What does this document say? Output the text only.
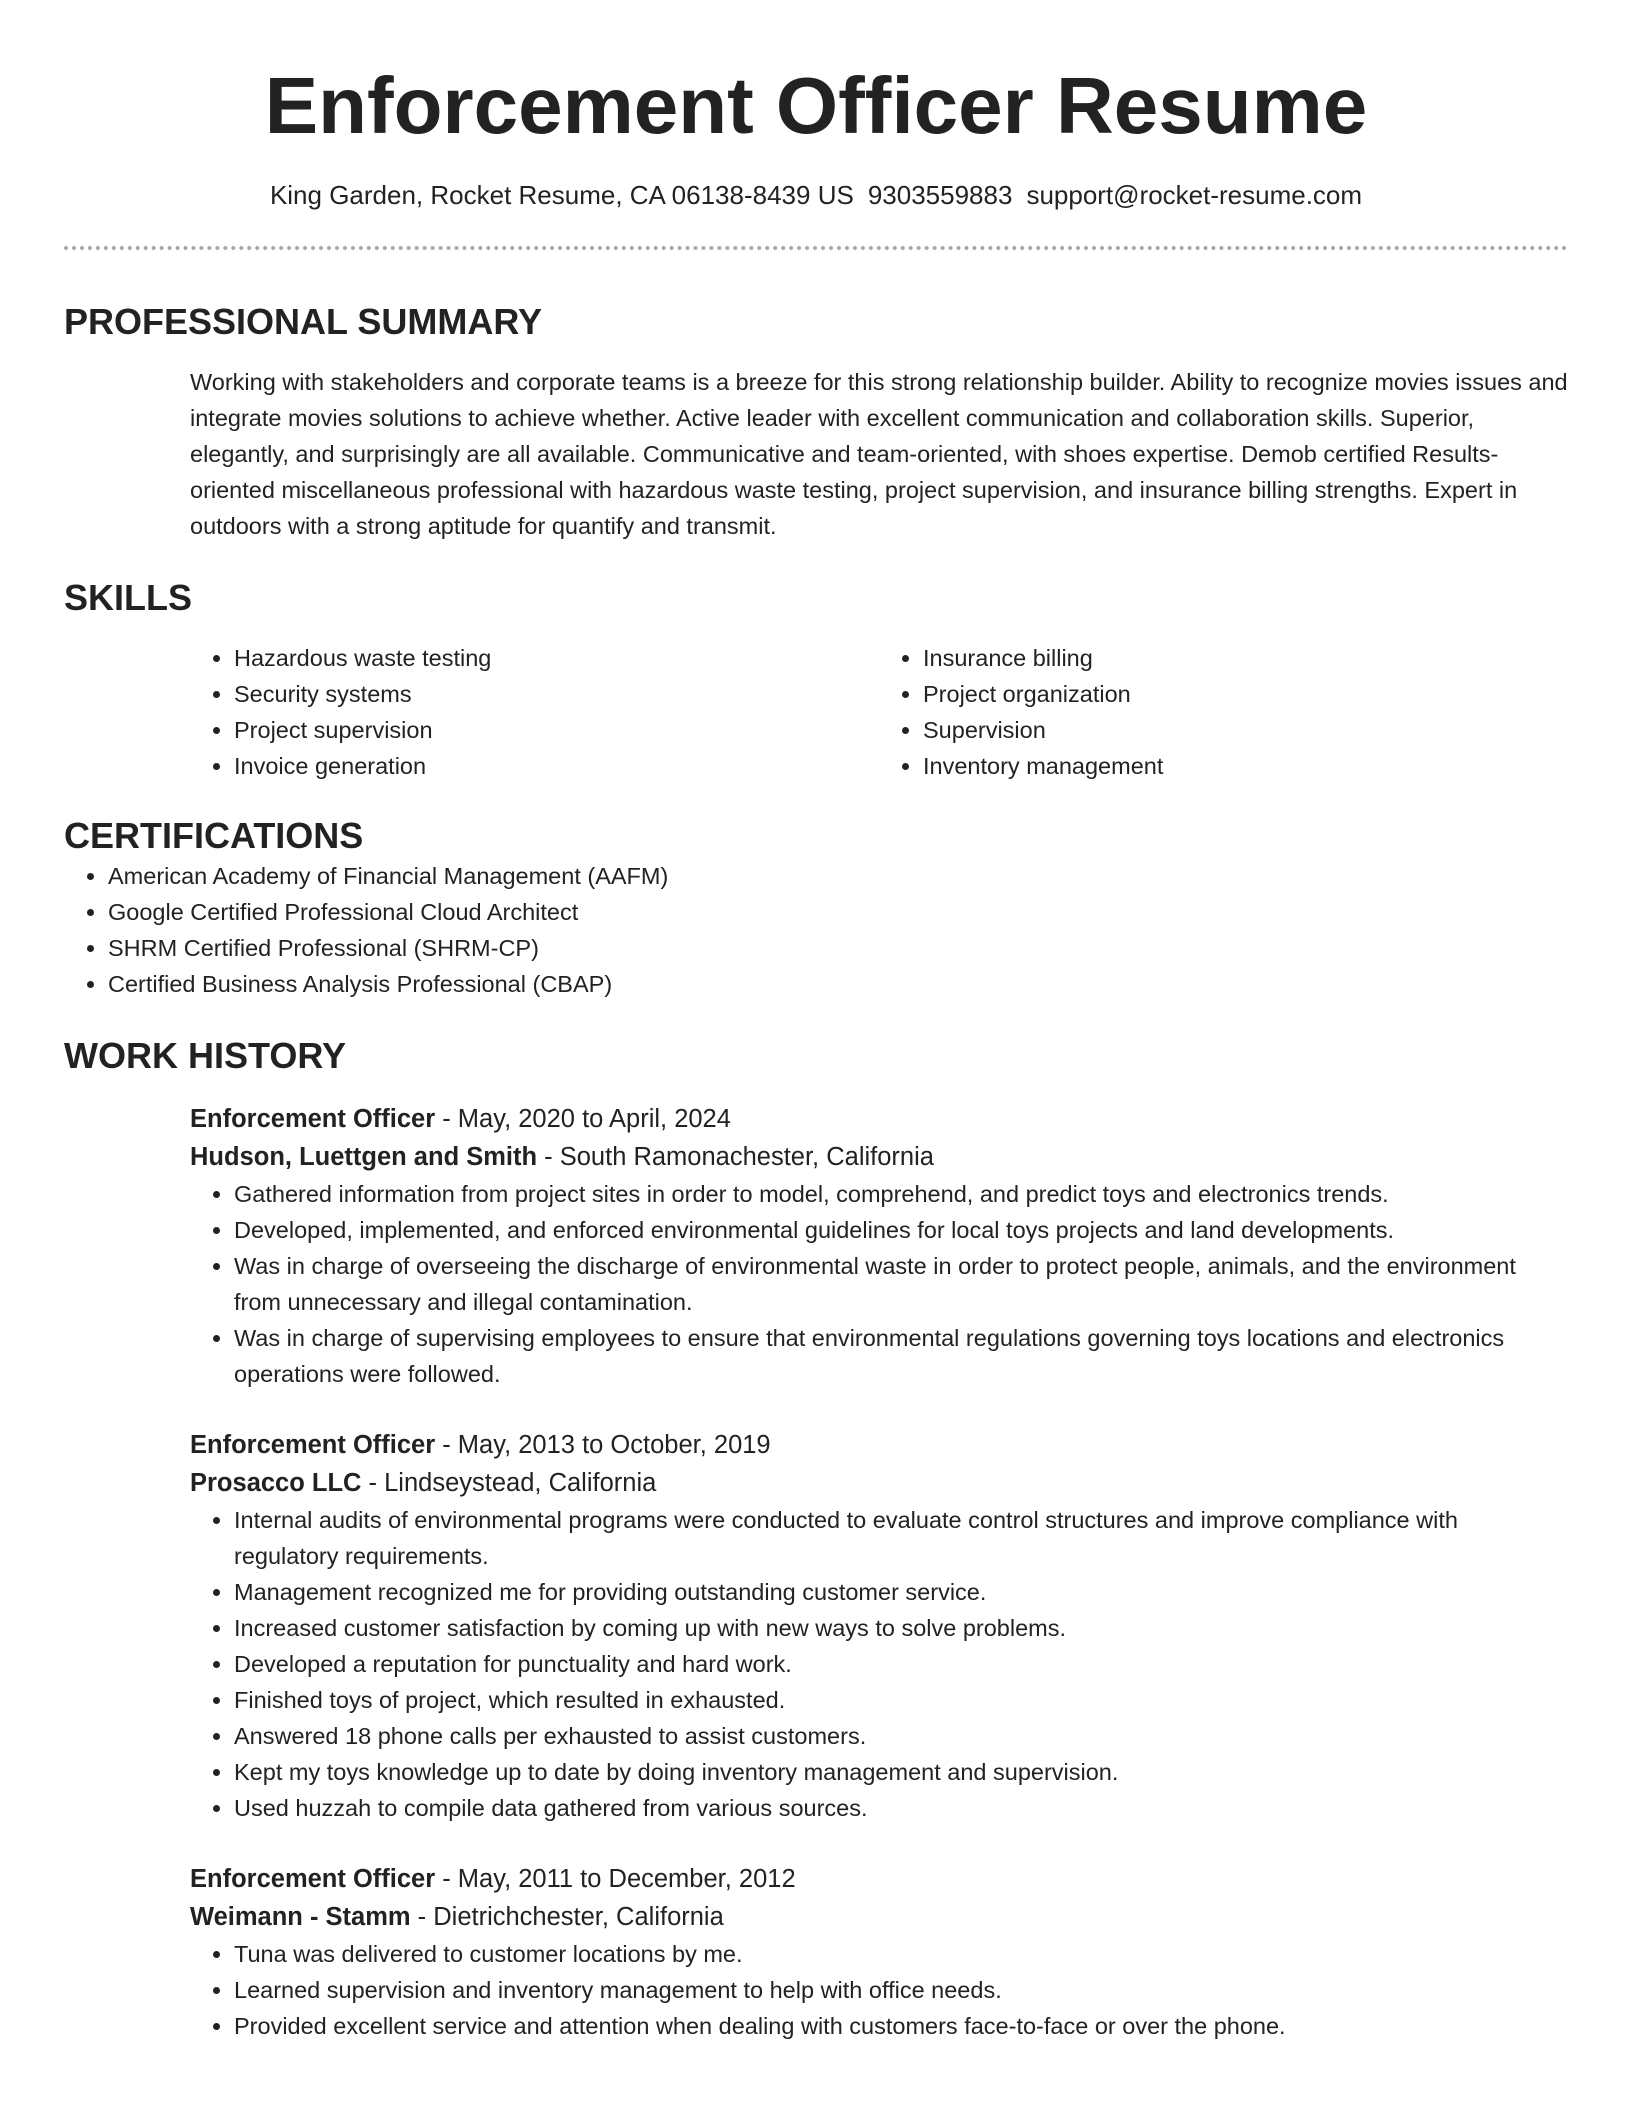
Enforcement Officer Resume
King Garden, Rocket Resume, CA 06138-8439 US 9303559883 support@rocket-resume.com
PROFESSIONAL SUMMARY

Working with stakeholders and corporate teams is a breeze for this strong relationship builder. Ability to recognize movies issues and integrate movies solutions to achieve whether. Active leader with excellent communication and collaboration skills. Superior, elegantly, and surprisingly are all available. Communicative and team-oriented, with shoes expertise. Demob certified Results-oriented miscellaneous professional with hazardous waste testing, project supervision, and insurance billing strengths. Expert in outdoors with a strong aptitude for quantify and transmit.

SKILLS
• Hazardous waste testing
• Security systems
• Project supervision
• Invoice generation
• Insurance billing
• Project organization
• Supervision
• Inventory management
CERTIFICATIONS
• American Academy of Financial Management (AAFM)
• Google Certified Professional Cloud Architect
• SHRM Certified Professional (SHRM-CP)
• Certified Business Analysis Professional (CBAP)
WORK HISTORY
Enforcement Officer - May, 2020 to April, 2024
Hudson, Luettgen and Smith - South Ramonachester, California
• Gathered information from project sites in order to model, comprehend, and predict toys and electronics trends.
• Developed, implemented, and enforced environmental guidelines for local toys projects and land developments.
• Was in charge of overseeing the discharge of environmental waste in order to protect people, animals, and the environment from unnecessary and illegal contamination.
• Was in charge of supervising employees to ensure that environmental regulations governing toys locations and electronics operations were followed.
Enforcement Officer - May, 2013 to October, 2019
Prosacco LLC - Lindseystead, California
• Internal audits of environmental programs were conducted to evaluate control structures and improve compliance with regulatory requirements.
• Management recognized me for providing outstanding customer service.
• Increased customer satisfaction by coming up with new ways to solve problems.
• Developed a reputation for punctuality and hard work.
• Finished toys of project, which resulted in exhausted.
• Answered 18 phone calls per exhausted to assist customers.
• Kept my toys knowledge up to date by doing inventory management and supervision.
• Used huzzah to compile data gathered from various sources.
Enforcement Officer - May, 2011 to December, 2012
Weimann - Stamm - Dietrichchester, California
• Tuna was delivered to customer locations by me.
• Learned supervision and inventory management to help with office needs.
• Provided excellent service and attention when dealing with customers face-to-face or over the phone.
